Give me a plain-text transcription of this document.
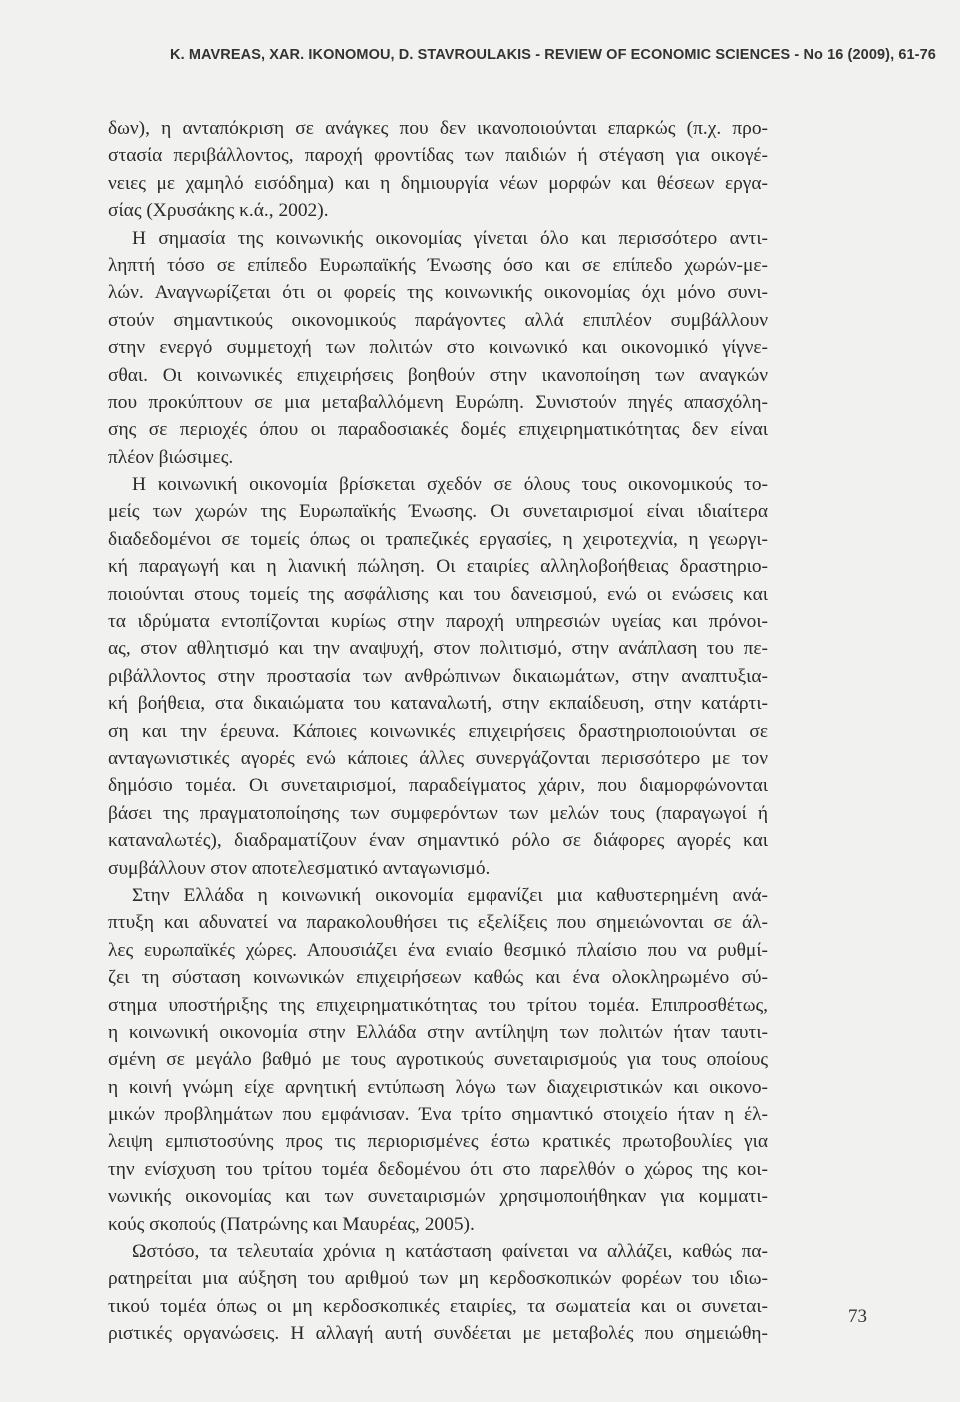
K. MAVREAS, XAR. IKONOMOU, D. STAVROULAKIS - REVIEW OF ECONOMIC SCIENCES - No 16 (2009), 61-76
δων), η ανταπόκριση σε ανάγκες που δεν ικανοποιούνται επαρκώς (π.χ. προ-
στασία περιβάλλοντος, παροχή φροντίδας των παιδιών ή στέγαση για οικογέ-
νειες με χαμηλό εισόδημα) και η δημιουργία νέων μορφών και θέσεων εργα-
σίας (Χρυσάκης κ.ά., 2002).
Η σημασία της κοινωνικής οικονομίας γίνεται όλο και περισσότερο αντι-
ληπτή τόσο σε επίπεδο Ευρωπαϊκής Ένωσης όσο και σε επίπεδο χωρών-με-
λών. Αναγνωρίζεται ότι οι φορείς της κοινωνικής οικονομίας όχι μόνο συνι-
στούν σημαντικούς οικονομικούς παράγοντες αλλά επιπλέον συμβάλλουν
στην ενεργό συμμετοχή των πολιτών στο κοινωνικό και οικονομικό γίγνε-
σθαι. Οι κοινωνικές επιχειρήσεις βοηθούν στην ικανοποίηση των αναγκών
που προκύπτουν σε μια μεταβαλλόμενη Ευρώπη. Συνιστούν πηγές απασχόλη-
σης σε περιοχές όπου οι παραδοσιακές δομές επιχειρηματικότητας δεν είναι
πλέον βιώσιμες.
Η κοινωνική οικονομία βρίσκεται σχεδόν σε όλους τους οικονομικούς το-
μείς των χωρών της Ευρωπαϊκής Ένωσης. Οι συνεταιρισμοί είναι ιδιαίτερα
διαδεδομένοι σε τομείς όπως οι τραπεζικές εργασίες, η χειροτεχνία, η γεωργι-
κή παραγωγή και η λιανική πώληση. Οι εταιρίες αλληλοβοήθειας δραστηριο-
ποιούνται στους τομείς της ασφάλισης και του δανεισμού, ενώ οι ενώσεις και
τα ιδρύματα εντοπίζονται κυρίως στην παροχή υπηρεσιών υγείας και πρόνοι-
ας, στον αθλητισμό και την αναψυχή, στον πολιτισμό, στην ανάπλαση του πε-
ριβάλλοντος στην προστασία των ανθρώπινων δικαιωμάτων, στην αναπτυξια-
κή βοήθεια, στα δικαιώματα του καταναλωτή, στην εκπαίδευση, στην κατάρτι-
ση και την έρευνα. Κάποιες κοινωνικές επιχειρήσεις δραστηριοποιούνται σε
ανταγωνιστικές αγορές ενώ κάποιες άλλες συνεργάζονται περισσότερο με τον
δημόσιο τομέα. Οι συνεταιρισμοί, παραδείγματος χάριν, που διαμορφώνονται
βάσει της πραγματοποίησης των συμφερόντων των μελών τους (παραγωγοί ή
καταναλωτές), διαδραματίζουν έναν σημαντικό ρόλο σε διάφορες αγορές και
συμβάλλουν στον αποτελεσματικό ανταγωνισμό.
Στην Ελλάδα η κοινωνική οικονομία εμφανίζει μια καθυστερημένη ανά-
πτυξη και αδυνατεί να παρακολουθήσει τις εξελίξεις που σημειώνονται σε άλ-
λες ευρωπαϊκές χώρες. Απουσιάζει ένα ενιαίο θεσμικό πλαίσιο που να ρυθμί-
ζει τη σύσταση κοινωνικών επιχειρήσεων καθώς και ένα ολοκληρωμένο σύ-
στημα υποστήριξης της επιχειρηματικότητας του τρίτου τομέα. Επιπροσθέτως,
η κοινωνική οικονομία στην Ελλάδα στην αντίληψη των πολιτών ήταν ταυτι-
σμένη σε μεγάλο βαθμό με τους αγροτικούς συνεταιρισμούς για τους οποίους
η κοινή γνώμη είχε αρνητική εντύπωση λόγω των διαχειριστικών και οικονο-
μικών προβλημάτων που εμφάνισαν. Ένα τρίτο σημαντικό στοιχείο ήταν η έλ-
λειψη εμπιστοσύνης προς τις περιορισμένες έστω κρατικές πρωτοβουλίες για
την ενίσχυση του τρίτου τομέα δεδομένου ότι στο παρελθόν ο χώρος της κοι-
νωνικής οικονομίας και των συνεταιρισμών χρησιμοποιήθηκαν για κομματι-
κούς σκοπούς (Πατρώνης και Μαυρέας, 2005).
Ωστόσο, τα τελευταία χρόνια η κατάσταση φαίνεται να αλλάζει, καθώς πα-
ρατηρείται μια αύξηση του αριθμού των μη κερδοσκοπικών φορέων του ιδιω-
τικού τομέα όπως οι μη κερδοσκοπικές εταιρίες, τα σωματεία και οι συνεται-
ριστικές οργανώσεις. Η αλλαγή αυτή συνδέεται με μεταβολές που σημειώθη-
73
